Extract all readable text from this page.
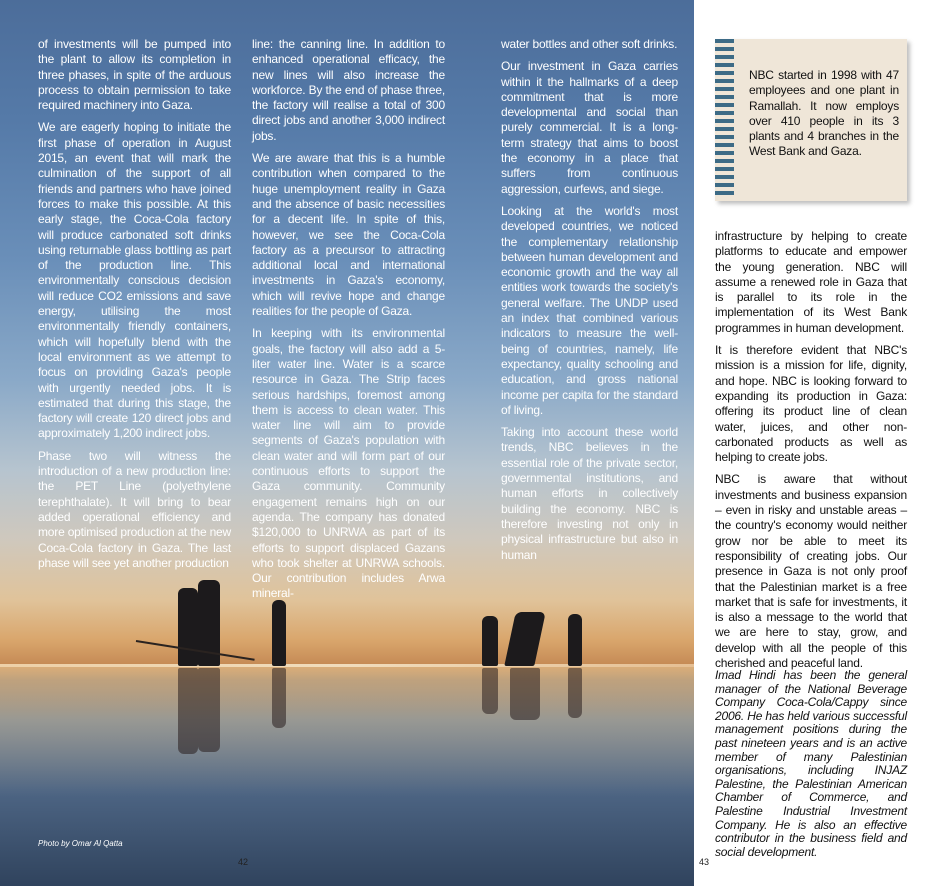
of investments will be pumped into the plant to allow its completion in three phases, in spite of the arduous process to obtain permission to take required machinery into Gaza.

We are eagerly hoping to initiate the first phase of operation in August 2015, an event that will mark the culmination of the support of all friends and partners who have joined forces to make this possible. At this early stage, the Coca-Cola factory will produce carbonated soft drinks using returnable glass bottling as part of the production line. This environmentally conscious decision will reduce CO2 emissions and save energy, utilising the most environmentally friendly containers, which will hopefully blend with the local environment as we attempt to focus on providing Gaza's people with urgently needed jobs. It is estimated that during this stage, the factory will create 120 direct jobs and approximately 1,200 indirect jobs.

Phase two will witness the introduction of a new production line: the PET Line (polyethylene terephthalate). It will bring to bear added operational efficiency and more optimised production at the new Coca-Cola factory in Gaza. The last phase will see yet another production

line: the canning line. In addition to enhanced operational efficacy, the new lines will also increase the workforce. By the end of phase three, the factory will realise a total of 300 direct jobs and another 3,000 indirect jobs.

We are aware that this is a humble contribution when compared to the huge unemployment reality in Gaza and the absence of basic necessities for a decent life. In spite of this, however, we see the Coca-Cola factory as a precursor to attracting additional local and international investments in Gaza's economy, which will revive hope and change realities for the people of Gaza.

In keeping with its environmental goals, the factory will also add a 5-liter water line. Water is a scarce resource in Gaza. The Strip faces serious hardships, foremost among them is access to clean water. This water line will aim to provide segments of Gaza's population with clean water and will form part of our continuous efforts to support the Gaza community. Community engagement remains high on our agenda. The company has donated $120,000 to UNRWA as part of its efforts to support displaced Gazans who took shelter at UNRWA schools. Our contribution includes Arwa mineral-

water bottles and other soft drinks.

Our investment in Gaza carries within it the hallmarks of a deep commitment that is more developmental and social than purely commercial. It is a long-term strategy that aims to boost the economy in a place that suffers from continuous aggression, curfews, and siege.

Looking at the world's most developed countries, we noticed the complementary relationship between human development and economic growth and the way all entities work towards the society's general welfare. The UNDP used an index that combined various indicators to measure the well-being of countries, namely, life expectancy, quality schooling and education, and gross national income per capita for the standard of living.

Taking into account these world trends, NBC believes in the essential role of the private sector, governmental institutions, and human efforts in collectively building the economy. NBC is therefore investing not only in physical infrastructure but also in human

Photo by Omar Al Qatta
42
NBC started in 1998 with 47 employees and one plant in Ramallah. It now employs over 410 people in its 3 plants and 4 branches in the West Bank and Gaza.

infrastructure by helping to create platforms to educate and empower the young generation. NBC will assume a renewed role in Gaza that is parallel to its role in the implementation of its West Bank programmes in human development.

It is therefore evident that NBC's mission is a mission for life, dignity, and hope. NBC is looking forward to expanding its production in Gaza: offering its product line of clean water, juices, and other non-carbonated products as well as helping to create jobs.

NBC is aware that without investments and business expansion – even in risky and unstable areas – the country's economy would neither grow nor be able to meet its responsibility of creating jobs. Our presence in Gaza is not only proof that the Palestinian market is a free market that is safe for investments, it is also a message to the world that we are here to stay, grow, and develop with all the people of this cherished and peaceful land.

Imad Hindi has been the general manager of the National Beverage Company Coca-Cola/Cappy since 2006. He has held various successful management positions during the past nineteen years and is an active member of many Palestinian organisations, including INJAZ Palestine, the Palestinian American Chamber of Commerce, and Palestine Industrial Investment Company. He is also an effective contributor in the business field and social development.
43
